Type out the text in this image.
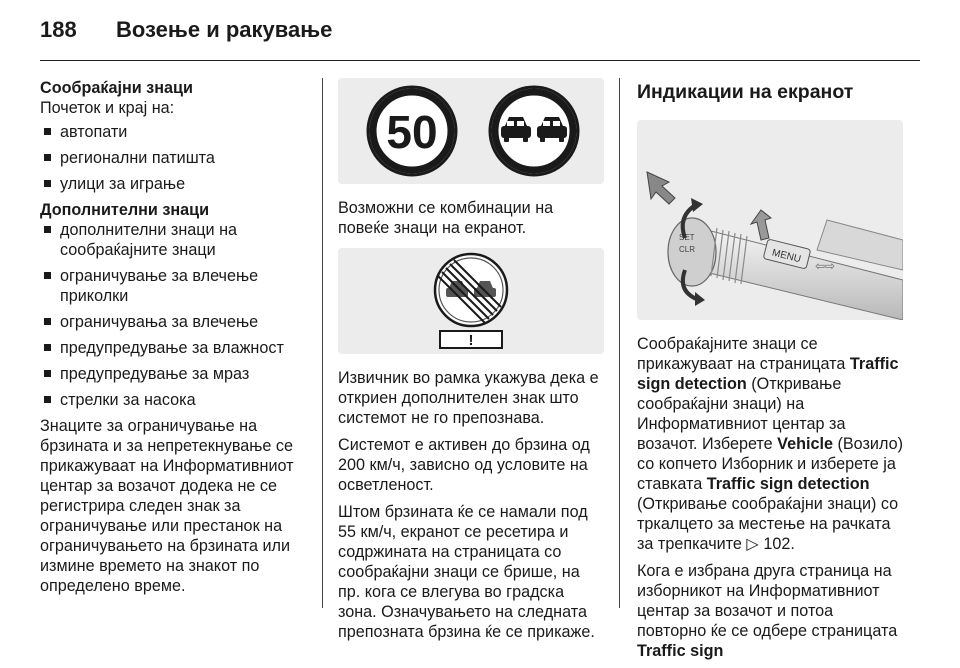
188 Возење и ракување
Сообраќајни знаци
Почеток и крај на:
автопати
регионални патишта
улици за играње
Дополнителни знаци
дополнителни знаци на сообраќајните знаци
ограничување за влечење приколки
ограничувања за влечење
предупредување за влажност
предупредување за мраз
стрелки за насока

Знаците за ограничување на брзината и за непретекнување се прикажуваат на Информативниот центар за возачот додека не се регистрира следен знак за ограничување или престанок на ограничувањето на брзината или измине времето на знакот по определено време.

50

Возможни се комбинации на повеќе знаци на екранот.

!

Извичник во рамка укажува дека е откриен дополнителен знак што системот не го препознава.

Системот е активен до брзина од 200 км/ч, зависно од условите на осветленост.

Штом брзината ќе се намали под 55 км/ч, екранот се ресетира и содржината на страницата со сообраќајни знаци се брише, на пр. кога се влегува во градска зона. Означувањето на следната препозната брзина ќе се прикаже.

Индикации на екранот
MENU
SET
CLR
⇦⇨

Сообраќајните знаци се прикажуваат на страницата Traffic sign detection (Откривање сообраќајни знаци) на Информативниот центар за возачот. Изберете Vehicle (Возило) со копчето Изборник и изберете ја ставката Traffic sign detection (Откривање сообраќајни знаци) со тркалцето за местење на рачката за трепкачите ▷ 102.

Кога е избрана друга страница на изборникот на Информативниот центар за возачот и потоа повторно ќе се одбере страницата Traffic sign
